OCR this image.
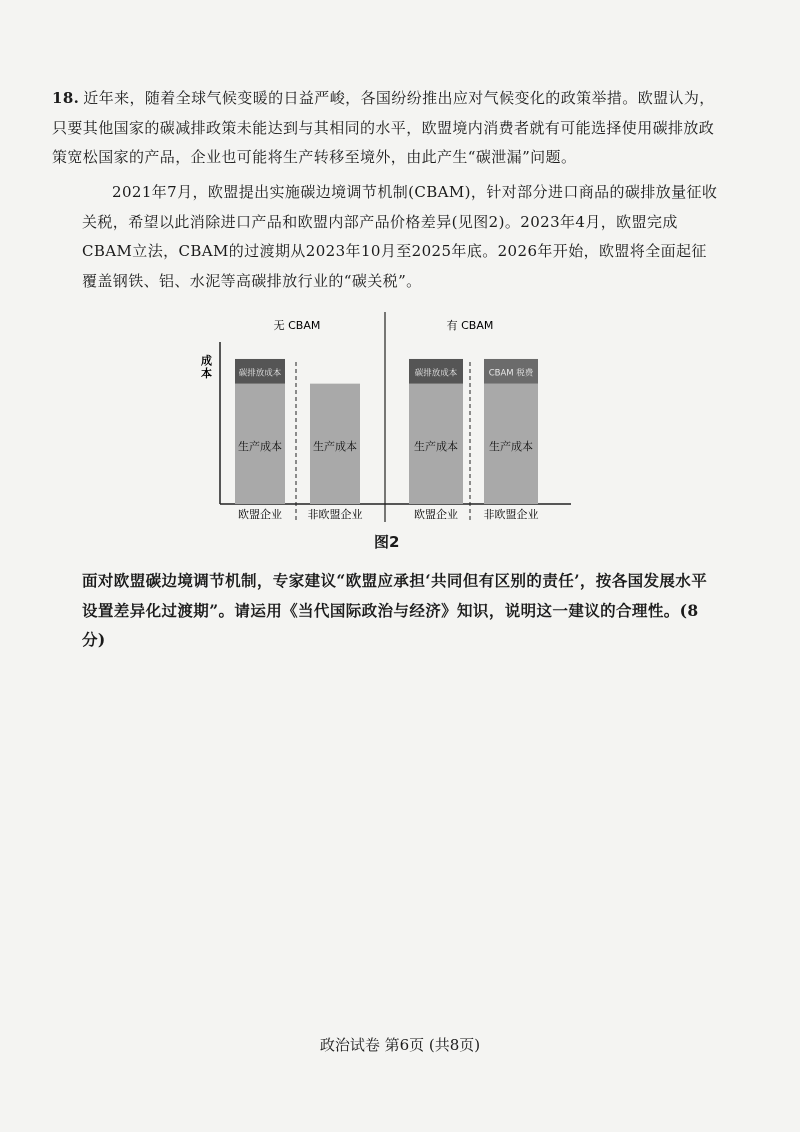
18. 近年来，随着全球气候变暖的日益严峻，各国纷纷推出应对气候变化的政策举措。欧盟认为，只要其他国家的碳减排政策未能达到与其相同的水平，欧盟境内消费者就有可能选择使用碳排放政策宽松国家的产品，企业也可能将生产转移至境外，由此产生“碳泄漏”问题。

2021年7月，欧盟提出实施碳边境调节机制(CBAM)，针对部分进口商品的碳排放量征收关税，希望以此消除进口产品和欧盟内部产品价格差异(见图2)。2023年4月，欧盟完成CBAM立法，CBAM的过渡期从2023年10月至2025年底。2026年开始，欧盟将全面起征覆盖钢铁、铝、水泥等高碳排放行业的“碳关税”。

成
本
无 CBAM
生产成本
碳排放成本
欧盟企业
生产成本
非欧盟企业
有 CBAM
生产成本
碳排放成本
欧盟企业
生产成本
CBAM 税费
非欧盟企业
图2

面对欧盟碳边境调节机制，专家建议“欧盟应承担‘共同但有区别的责任’，按各国发展水平设置差异化过渡期”。请运用《当代国际政治与经济》知识，说明这一建议的合理性。(8分)

政治试卷 第6页 (共8页)
